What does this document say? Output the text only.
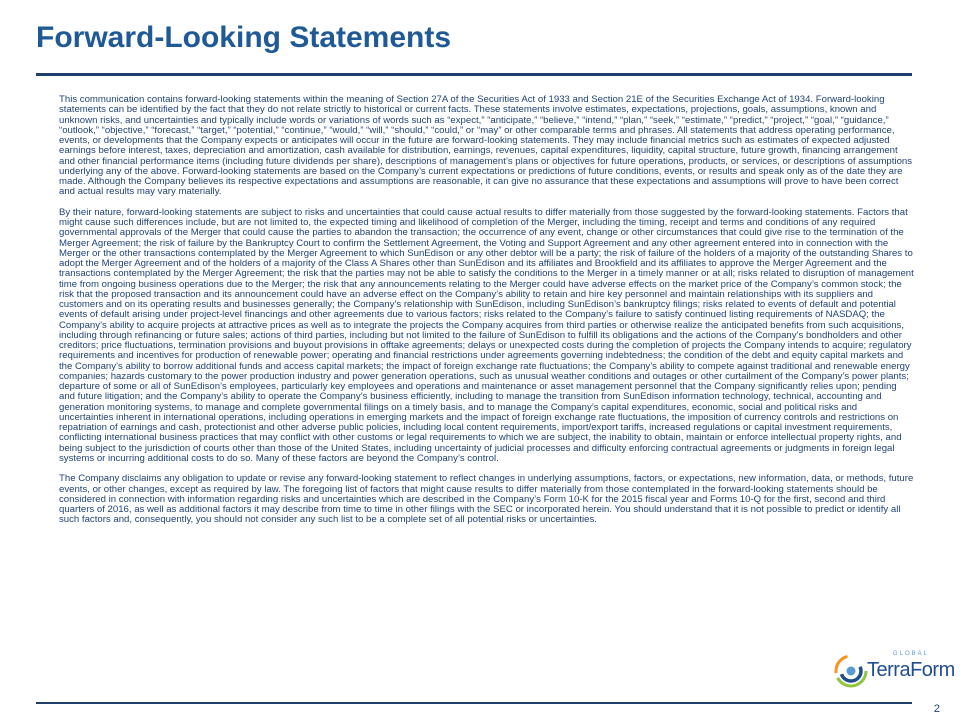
Forward-Looking Statements

This communication contains forward-looking statements within the meaning of Section 27A of the Securities Act of 1933 and Section 21E of the Securities Exchange Act of 1934. Forward-looking statements can be identified by the fact that they do not relate strictly to historical or current facts. These statements involve estimates, expectations, projections, goals, assumptions, known and unknown risks, and uncertainties and typically include words or variations of words such as “expect,” “anticipate,” “believe,” “intend,” “plan,” “seek,” “estimate,” “predict,” “project,” “goal,” “guidance,” “outlook,” “objective,” “forecast,” “target,” “potential,” “continue,” “would,” “will,” “should,” “could,” or “may” or other comparable terms and phrases. All statements that address operating performance, events, or developments that the Company expects or anticipates will occur in the future are forward-looking statements. They may include financial metrics such as estimates of expected adjusted earnings before interest, taxes, depreciation and amortization, cash available for distribution, earnings, revenues, capital expenditures, liquidity, capital structure, future growth, financing arrangement and other financial performance items (including future dividends per share), descriptions of management’s plans or objectives for future operations, products, or services, or descriptions of assumptions underlying any of the above. Forward-looking statements are based on the Company’s current expectations or predictions of future conditions, events, or results and speak only as of the date they are made. Although the Company believes its respective expectations and assumptions are reasonable, it can give no assurance that these expectations and assumptions will prove to have been correct and actual results may vary materially.

By their nature, forward-looking statements are subject to risks and uncertainties that could cause actual results to differ materially from those suggested by the forward-looking statements. Factors that might cause such differences include, but are not limited to, the expected timing and likelihood of completion of the Merger, including the timing, receipt and terms and conditions of any required governmental approvals of the Merger that could cause the parties to abandon the transaction; the occurrence of any event, change or other circumstances that could give rise to the termination of the Merger Agreement; the risk of failure by the Bankruptcy Court to confirm the Settlement Agreement, the Voting and Support Agreement and any other agreement entered into in connection with the Merger or the other transactions contemplated by the Merger Agreement to which SunEdison or any other debtor will be a party; the risk of failure of the holders of a majority of the outstanding Shares to adopt the Merger Agreement and of the holders of a majority of the Class A Shares other than SunEdison and its affiliates and Brookfield and its affiliates to approve the Merger Agreement and the transactions contemplated by the Merger Agreement; the risk that the parties may not be able to satisfy the conditions to the Merger in a timely manner or at all; risks related to disruption of management time from ongoing business operations due to the Merger; the risk that any announcements relating to the Merger could have adverse effects on the market price of the Company’s common stock; the risk that the proposed transaction and its announcement could have an adverse effect on the Company’s ability to retain and hire key personnel and maintain relationships with its suppliers and customers and on its operating results and businesses generally; the Company’s relationship with SunEdison, including SunEdison’s bankruptcy filings; risks related to events of default and potential events of default arising under project-level financings and other agreements due to various factors; risks related to the Company’s failure to satisfy continued listing requirements of NASDAQ; the Company’s ability to acquire projects at attractive prices as well as to integrate the projects the Company acquires from third parties or otherwise realize the anticipated benefits from such acquisitions, including through refinancing or future sales; actions of third parties, including but not limited to the failure of SunEdison to fulfill its obligations and the actions of the Company’s bondholders and other creditors; price fluctuations, termination provisions and buyout provisions in offtake agreements; delays or unexpected costs during the completion of projects the Company intends to acquire; regulatory requirements and incentives for production of renewable power; operating and financial restrictions under agreements governing indebtedness; the condition of the debt and equity capital markets and the Company’s ability to borrow additional funds and access capital markets; the impact of foreign exchange rate fluctuations; the Company’s ability to compete against traditional and renewable energy companies; hazards customary to the power production industry and power generation operations, such as unusual weather conditions and outages or other curtailment of the Company’s power plants; departure of some or all of SunEdison’s employees, particularly key employees and operations and maintenance or asset management personnel that the Company significantly relies upon; pending and future litigation; and the Company’s ability to operate the Company’s business efficiently, including to manage the transition from SunEdison information technology, technical, accounting and generation monitoring systems, to manage and complete governmental filings on a timely basis, and to manage the Company’s capital expenditures, economic, social and political risks and uncertainties inherent in international operations, including operations in emerging markets and the impact of foreign exchange rate fluctuations, the imposition of currency controls and restrictions on repatriation of earnings and cash, protectionist and other adverse public policies, including local content requirements, import/export tariffs, increased regulations or capital investment requirements, conflicting international business practices that may conflict with other customs or legal requirements to which we are subject, the inability to obtain, maintain or enforce intellectual property rights, and being subject to the jurisdiction of courts other than those of the United States, including uncertainty of judicial processes and difficulty enforcing contractual agreements or judgments in foreign legal systems or incurring additional costs to do so. Many of these factors are beyond the Company’s control.

The Company disclaims any obligation to update or revise any forward-looking statement to reflect changes in underlying assumptions, factors, or expectations, new information, data, or methods, future events, or other changes, except as required by law. The foregoing list of factors that might cause results to differ materially from those contemplated in the forward-looking statements should be considered in connection with information regarding risks and uncertainties which are described in the Company’s Form 10-K for the 2015 fiscal year and Forms 10-Q for the first, second and third quarters of 2016, as well as additional factors it may describe from time to time in other filings with the SEC or incorporated herein. You should understand that it is not possible to predict or identify all such factors and, consequently, you should not consider any such list to be a complete set of all potential risks or uncertainties.

GLOBAL
TerraForm
2
